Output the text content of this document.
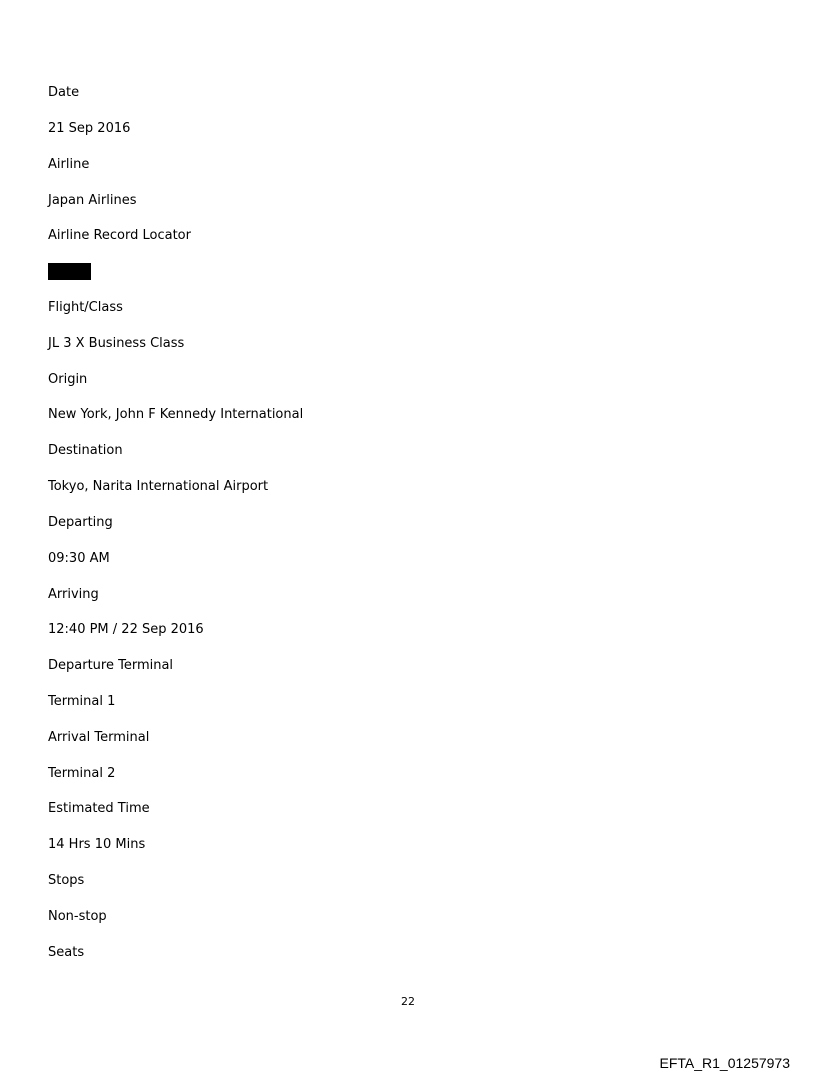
Date
21 Sep 2016
Airline
Japan Airlines
Airline Record Locator
Flight/Class
JL 3 X Business Class
Origin
New York, John F Kennedy International
Destination
Tokyo, Narita International Airport
Departing
09:30 AM
Arriving
12:40 PM / 22 Sep 2016
Departure Terminal
Terminal 1
Arrival Terminal
Terminal 2
Estimated Time
14 Hrs 10 Mins
Stops
Non-stop
Seats
22
EFTA_R1_01257973
